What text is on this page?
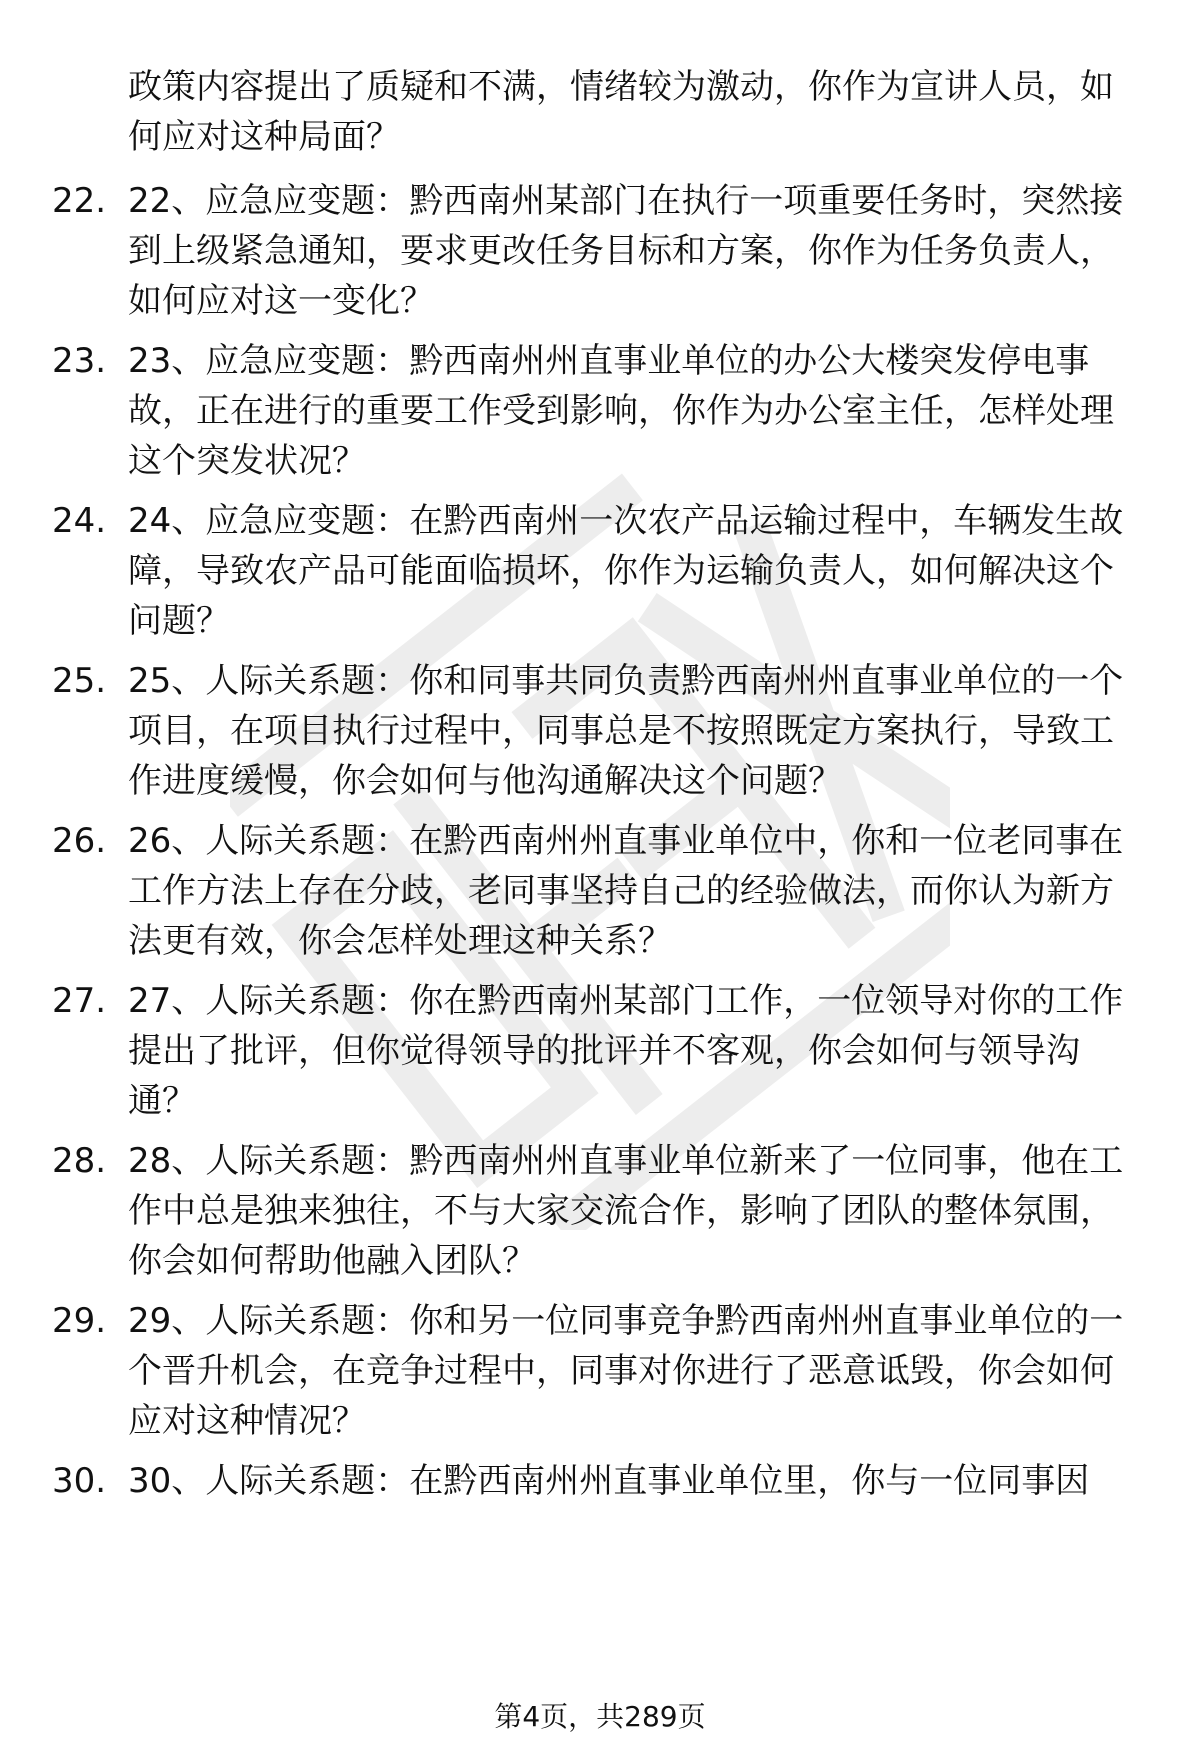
政策内容提出了质疑和不满，情绪较为激动，你作为宣讲人员，如何应对这种局面？

22. 22、应急应变题：黔西南州某部门在执行一项重要任务时，突然接到上级紧急通知，要求更改任务目标和方案，你作为任务负责人，如何应对这一变化？

23. 23、应急应变题：黔西南州州直事业单位的办公大楼突发停电事故，正在进行的重要工作受到影响，你作为办公室主任，怎样处理这个突发状况？

24. 24、应急应变题：在黔西南州一次农产品运输过程中，车辆发生故障，导致农产品可能面临损坏，你作为运输负责人，如何解决这个问题？

25. 25、人际关系题：你和同事共同负责黔西南州州直事业单位的一个项目，在项目执行过程中，同事总是不按照既定方案执行，导致工作进度缓慢，你会如何与他沟通解决这个问题？

26. 26、人际关系题：在黔西南州州直事业单位中，你和一位老同事在工作方法上存在分歧，老同事坚持自己的经验做法，而你认为新方法更有效，你会怎样处理这种关系？

27. 27、人际关系题：你在黔西南州某部门工作，一位领导对你的工作提出了批评，但你觉得领导的批评并不客观，你会如何与领导沟通？

28. 28、人际关系题：黔西南州州直事业单位新来了一位同事，他在工作中总是独来独往，不与大家交流合作，影响了团队的整体氛围，你会如何帮助他融入团队？

29. 29、人际关系题：你和另一位同事竞争黔西南州州直事业单位的一个晋升机会，在竞争过程中，同事对你进行了恶意诋毁，你会如何应对这种情况？

30. 30、人际关系题：在黔西南州州直事业单位里，你与一位同事因

第4页，共289页
